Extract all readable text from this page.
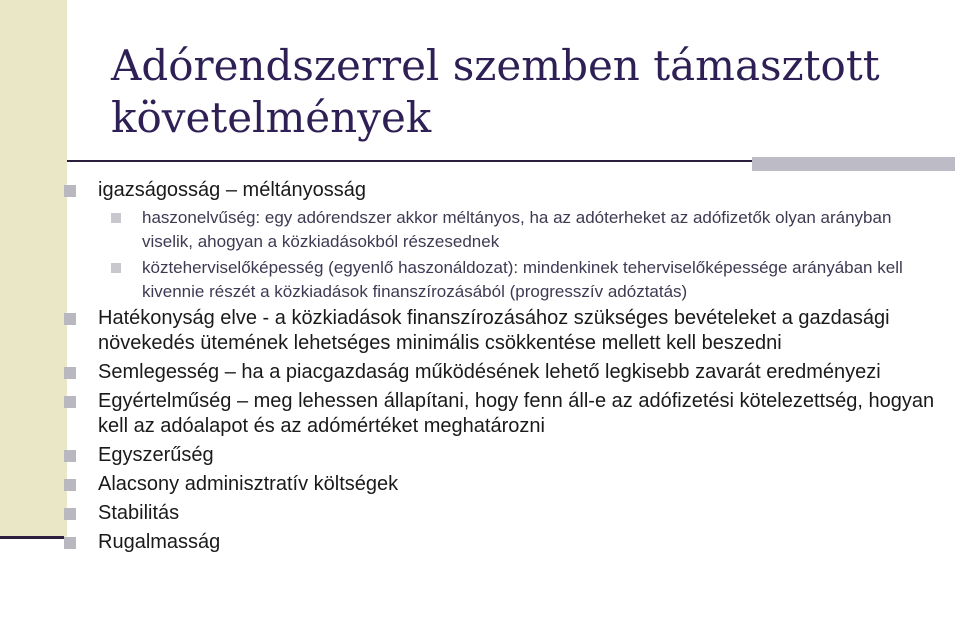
Adórendszerrel szemben támasztott követelmények
igazságosság – méltányosság
haszonelvűség: egy adórendszer akkor méltányos, ha az adóterheket az adófizetők olyan arányban viselik, ahogyan a közkiadásokból részesednek
közteherviselőképesség (egyenlő haszonáldozat): mindenkinek teherviselőképessége arányában kell kivennie részét a közkiadások finanszírozásából (progresszív adóztatás)
Hatékonyság elve - a közkiadások finanszírozásához szükséges bevételeket a gazdasági növekedés ütemének lehetséges minimális csökkentése mellett kell beszedni
Semlegesség – ha a piacgazdaság működésének lehető legkisebb zavarát eredményezi
Egyértelműség – meg lehessen állapítani, hogy fenn áll-e az adófizetési kötelezettség, hogyan kell az adóalapot és az adómértéket meghatározni
Egyszerűség
Alacsony adminisztratív költségek
Stabilitás
Rugalmasság
